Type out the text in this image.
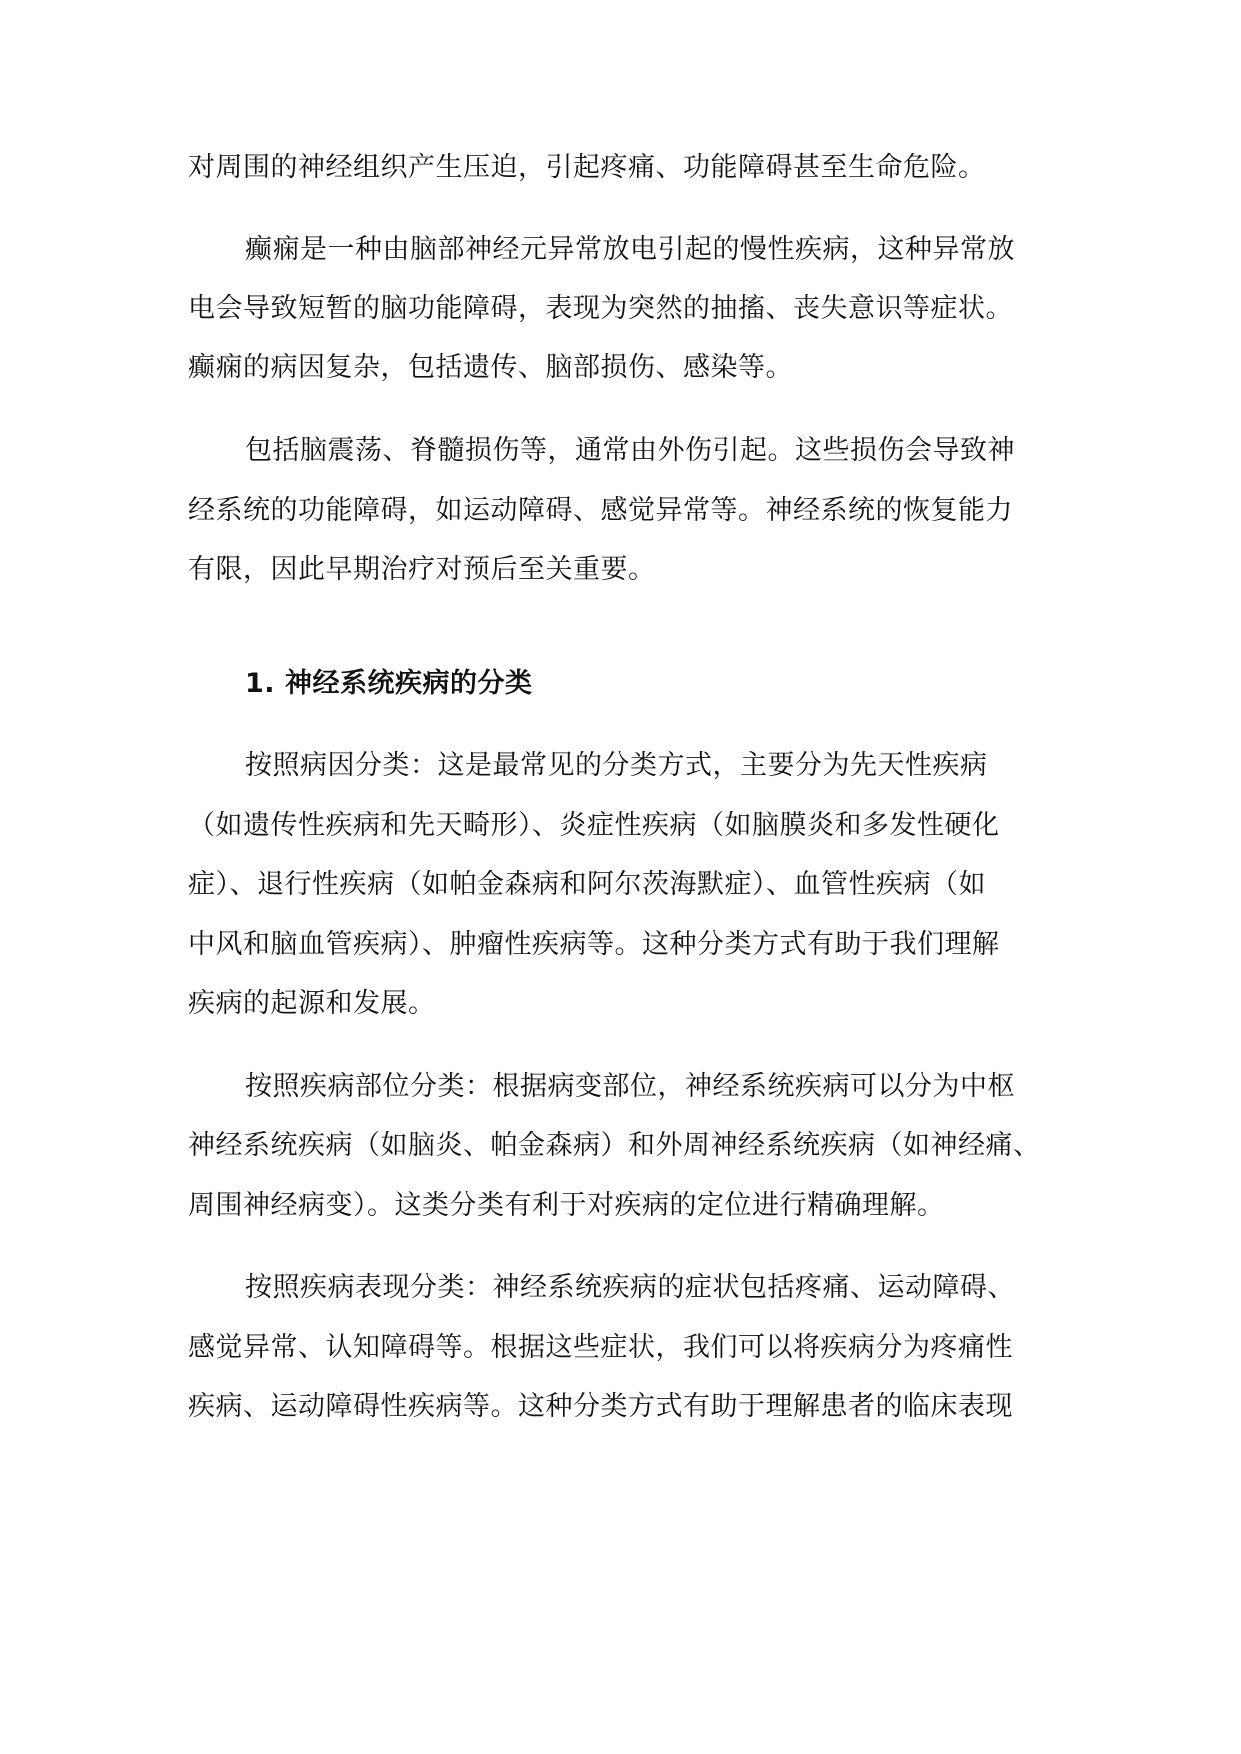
对周围的神经组织产生压迫，引起疼痛、功能障碍甚至生命危险。
癫痫是一种由脑部神经元异常放电引起的慢性疾病，这种异常放
电会导致短暂的脑功能障碍，表现为突然的抽搐、丧失意识等症状。
癫痫的病因复杂，包括遗传、脑部损伤、感染等。
包括脑震荡、脊髓损伤等，通常由外伤引起。这些损伤会导致神
经系统的功能障碍，如运动障碍、感觉异常等。神经系统的恢复能力
有限，因此早期治疗对预后至关重要。
1. 神经系统疾病的分类
按照病因分类：这是最常见的分类方式，主要分为先天性疾病
（如遗传性疾病和先天畸形）、炎症性疾病（如脑膜炎和多发性硬化
症）、退行性疾病（如帕金森病和阿尔茨海默症）、血管性疾病（如
中风和脑血管疾病）、肿瘤性疾病等。这种分类方式有助于我们理解
疾病的起源和发展。
按照疾病部位分类：根据病变部位，神经系统疾病可以分为中枢
神经系统疾病（如脑炎、帕金森病）和外周神经系统疾病（如神经痛、
周围神经病变）。这类分类有利于对疾病的定位进行精确理解。
按照疾病表现分类：神经系统疾病的症状包括疼痛、运动障碍、
感觉异常、认知障碍等。根据这些症状，我们可以将疾病分为疼痛性
疾病、运动障碍性疾病等。这种分类方式有助于理解患者的临床表现
